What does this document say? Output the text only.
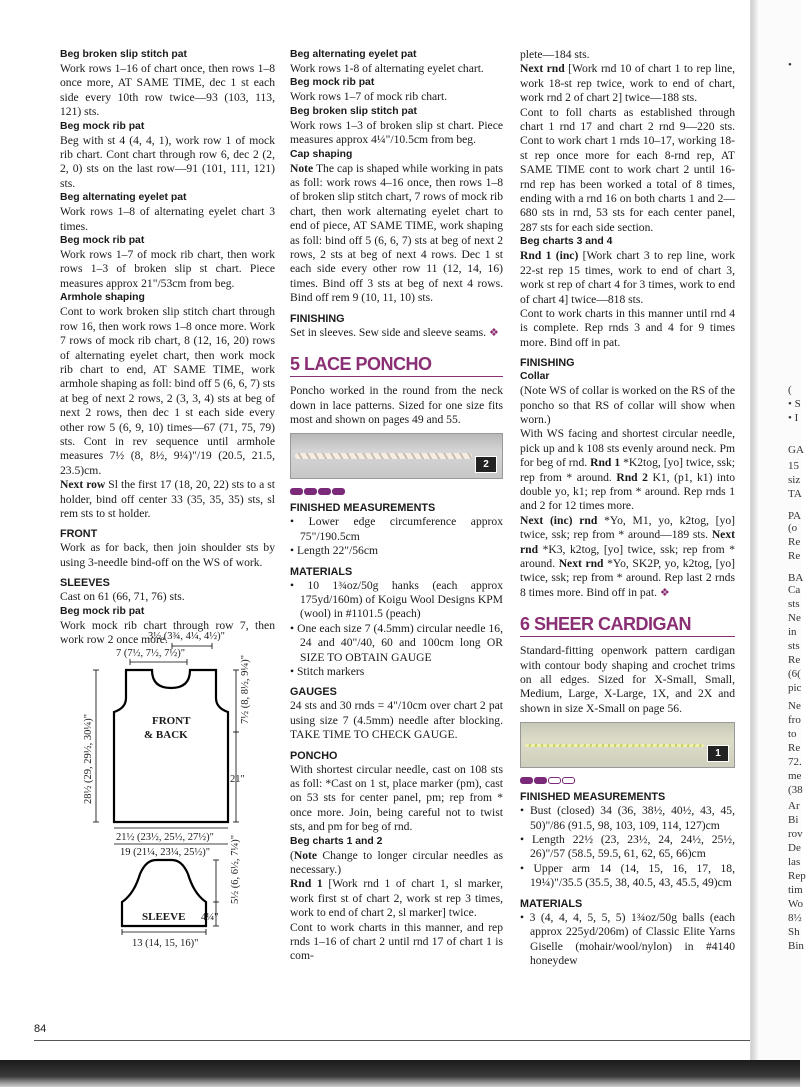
Beg broken slip stitch pat

Work rows 1–16 of chart once, then rows 1–8 once more, AT SAME TIME, dec 1 st each side every 10th row twice—93 (103, 113, 121) sts.

Beg mock rib pat

Beg with st 4 (4, 4, 1), work row 1 of mock rib chart. Cont chart through row 6, dec 2 (2, 2, 0) sts on the last row—91 (101, 111, 121) sts.

Beg alternating eyelet pat

Work rows 1–8 of alternating eyelet chart 3 times.

Beg mock rib pat

Work rows 1–7 of mock rib chart, then work rows 1–3 of broken slip st chart. Piece measures approx 21"/53cm from beg.

Armhole shaping

Cont to work broken slip stitch chart through row 16, then work rows 1–8 once more. Work 7 rows of mock rib chart, 8 (12, 16, 20) rows of alternating eyelet chart, then work mock rib chart to end, AT SAME TIME, work armhole shaping as foll: bind off 5 (6, 6, 7) sts at beg of next 2 rows, 2 (3, 3, 4) sts at beg of next 2 rows, then dec 1 st each side every other row 5 (6, 9, 10) times—67 (71, 75, 79) sts. Cont in rev sequence until armhole measures 7½ (8, 8½, 9¼)"/19 (20.5, 21.5, 23.5)cm.

Next row Sl the first 17 (18, 20, 22) sts to a st holder, bind off center 33 (35, 35, 35) sts, sl rem sts to st holder.

FRONT

Work as for back, then join shoulder sts by using 3-needle bind-off on the WS of work.

SLEEVES

Cast on 61 (66, 71, 76) sts.

Beg mock rib pat

Work mock rib chart through row 7, then work row 2 once more.

3½ (3¾, 4¼, 4½)"
7 (7½, 7½, 7½)"
FRONT
& BACK
7½ (8, 8½, 9¼)"
21"
28½ (29, 29½, 30¼)"
21½ (23½, 25½, 27½)"
19 (21¼, 23¼, 25½)"
SLEEVE
5½ (6, 6½, 7¼)"
4¼"
13 (14, 15, 16)"
Beg alternating eyelet pat

Work rows 1-8 of alternating eyelet chart.

Beg mock rib pat

Work rows 1–7 of mock rib chart.

Beg broken slip stitch pat

Work rows 1–3 of broken slip st chart. Piece measures approx 4¼"/10.5cm from beg.

Cap shaping

Note The cap is shaped while working in pats as foll: work rows 4–16 once, then rows 1–8 of broken slip stitch chart, 7 rows of mock rib chart, then work alternating eyelet chart to end of piece, AT SAME TIME, work shaping as foll: bind off 5 (6, 6, 7) sts at beg of next 2 rows, 2 sts at beg of next 4 rows. Dec 1 st each side every other row 11 (12, 14, 16) times. Bind off 3 sts at beg of next 4 rows. Bind off rem 9 (10, 11, 10) sts.

FINISHING

Set in sleeves. Sew side and sleeve seams. ❖

5 LACE PONCHO

Poncho worked in the round from the neck down in lace patterns. Sized for one size fits most and shown on pages 49 and 55.

2
FINISHED MEASUREMENTS
• Lower edge circumference approx 75"/190.5cm
• Length 22"/56cm
MATERIALS
• 10 1¾oz/50g hanks (each approx 175yd/160m) of Koigu Wool Designs KPM (wool) in #1101.5 (peach)
• One each size 7 (4.5mm) circular needle 16, 24 and 40"/40, 60 and 100cm long OR SIZE TO OBTAIN GAUGE
• Stitch markers
GAUGES

24 sts and 30 rnds = 4"/10cm over chart 2 pat using size 7 (4.5mm) needle after blocking. TAKE TIME TO CHECK GAUGE.

PONCHO

With shortest circular needle, cast on 108 sts as foll: *Cast on 1 st, place marker (pm), cast on 53 sts for center panel, pm; rep from * once more. Join, being careful not to twist sts, and pm for beg of rnd.

Beg charts 1 and 2

(Note Change to longer circular needles as necessary.)

Rnd 1 [Work rnd 1 of chart 1, sl marker, work first st of chart 2, work st rep 3 times, work to end of chart 2, sl marker] twice.

Cont to work charts in this manner, and rep rnds 1–16 of chart 2 until rnd 17 of chart 1 is com-

plete—184 sts.

Next rnd [Work rnd 10 of chart 1 to rep line, work 18-st rep twice, work to end of chart, work rnd 2 of chart 2] twice—188 sts.

Cont to foll charts as established through chart 1 rnd 17 and chart 2 rnd 9—220 sts. Cont to work chart 1 rnds 10–17, working 18-st rep once more for each 8-rnd rep, AT SAME TIME cont to work chart 2 until 16-rnd rep has been worked a total of 8 times, ending with a rnd 16 on both charts 1 and 2—680 sts in rnd, 53 sts for each center panel, 287 sts for each side section.

Beg charts 3 and 4

Rnd 1 (inc) [Work chart 3 to rep line, work 22-st rep 15 times, work to end of chart 3, work st rep of chart 4 for 3 times, work to end of chart 4] twice—818 sts.

Cont to work charts in this manner until rnd 4 is complete. Rep rnds 3 and 4 for 9 times more. Bind off in pat.

FINISHING
Collar

(Note WS of collar is worked on the RS of the poncho so that RS of collar will show when worn.)

With WS facing and shortest circular needle, pick up and k 108 sts evenly around neck. Pm for beg of rnd. Rnd 1 *K2tog, [yo] twice, ssk; rep from * around. Rnd 2 K1, (p1, k1) into double yo, k1; rep from * around. Rep rnds 1 and 2 for 12 times more.

Next (inc) rnd *Yo, M1, yo, k2tog, [yo] twice, ssk; rep from * around—189 sts. Next rnd *K3, k2tog, [yo] twice, ssk; rep from * around. Next rnd *Yo, SK2P, yo, k2tog, [yo] twice, ssk; rep from * around. Rep last 2 rnds 8 times more. Bind off in pat. ❖

6 SHEER CARDIGAN

Standard-fitting openwork pattern cardigan with contour body shaping and crochet trims on all edges. Sized for X-Small, Small, Medium, Large, X-Large, 1X, and 2X and shown in size X-Small on page 56.

1
FINISHED MEASUREMENTS
• Bust (closed) 34 (36, 38½, 40½, 43, 45, 50)"/86 (91.5, 98, 103, 109, 114, 127)cm
• Length 22½ (23, 23½, 24, 24½, 25½, 26)"/57 (58.5, 59.5, 61, 62, 65, 66)cm
• Upper arm 14 (14, 15, 16, 17, 18, 19¼)"/35.5 (35.5, 38, 40.5, 43, 45.5, 49)cm
MATERIALS
• 3 (4, 4, 4, 5, 5, 5) 1¾oz/50g balls (each approx 225yd/206m) of Classic Elite Yarns Giselle (mohair/wool/nylon) in #4140 honeydew
84
•
(
• S
• I
GA
15
siz
TA
PA
(o
Re
Re
BA
Ca
sts
Ne
in
sts
Re
(6(
pic
Ne
fro
to
Re
72.
me
(38
Ar
Bi
rov
De
las
Rep
tim
Wo
8½
Sh
Bin
